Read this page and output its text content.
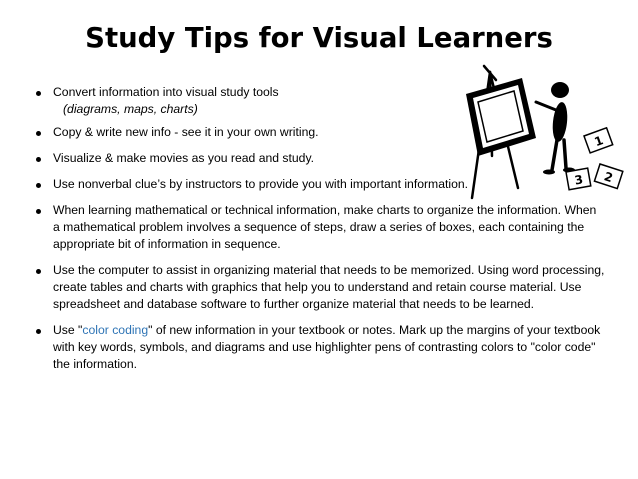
Study Tips for Visual Learners
Convert information into visual study tools
(diagrams, maps, charts)
Copy & write new info - see it in your own writing.
Visualize & make movies as you read and study.
Use nonverbal clue’s by instructors to provide you with important information.
When learning mathematical or technical information, make charts to organize the information. When a mathematical problem involves a sequence of steps, draw a series of boxes, each containing the appropriate bit of information in sequence.
Use the computer to assist in organizing material that needs to be memorized. Using word processing, create tables and charts with graphics that help you to understand and retain course material. Use spreadsheet and database software to further organize material that needs to be learned.
Use "color coding" of new information in your textbook or notes. Mark up the margins of your textbook with key words, symbols, and diagrams and use highlighter pens of contrasting colors to "color code" the information.
1
2
3
